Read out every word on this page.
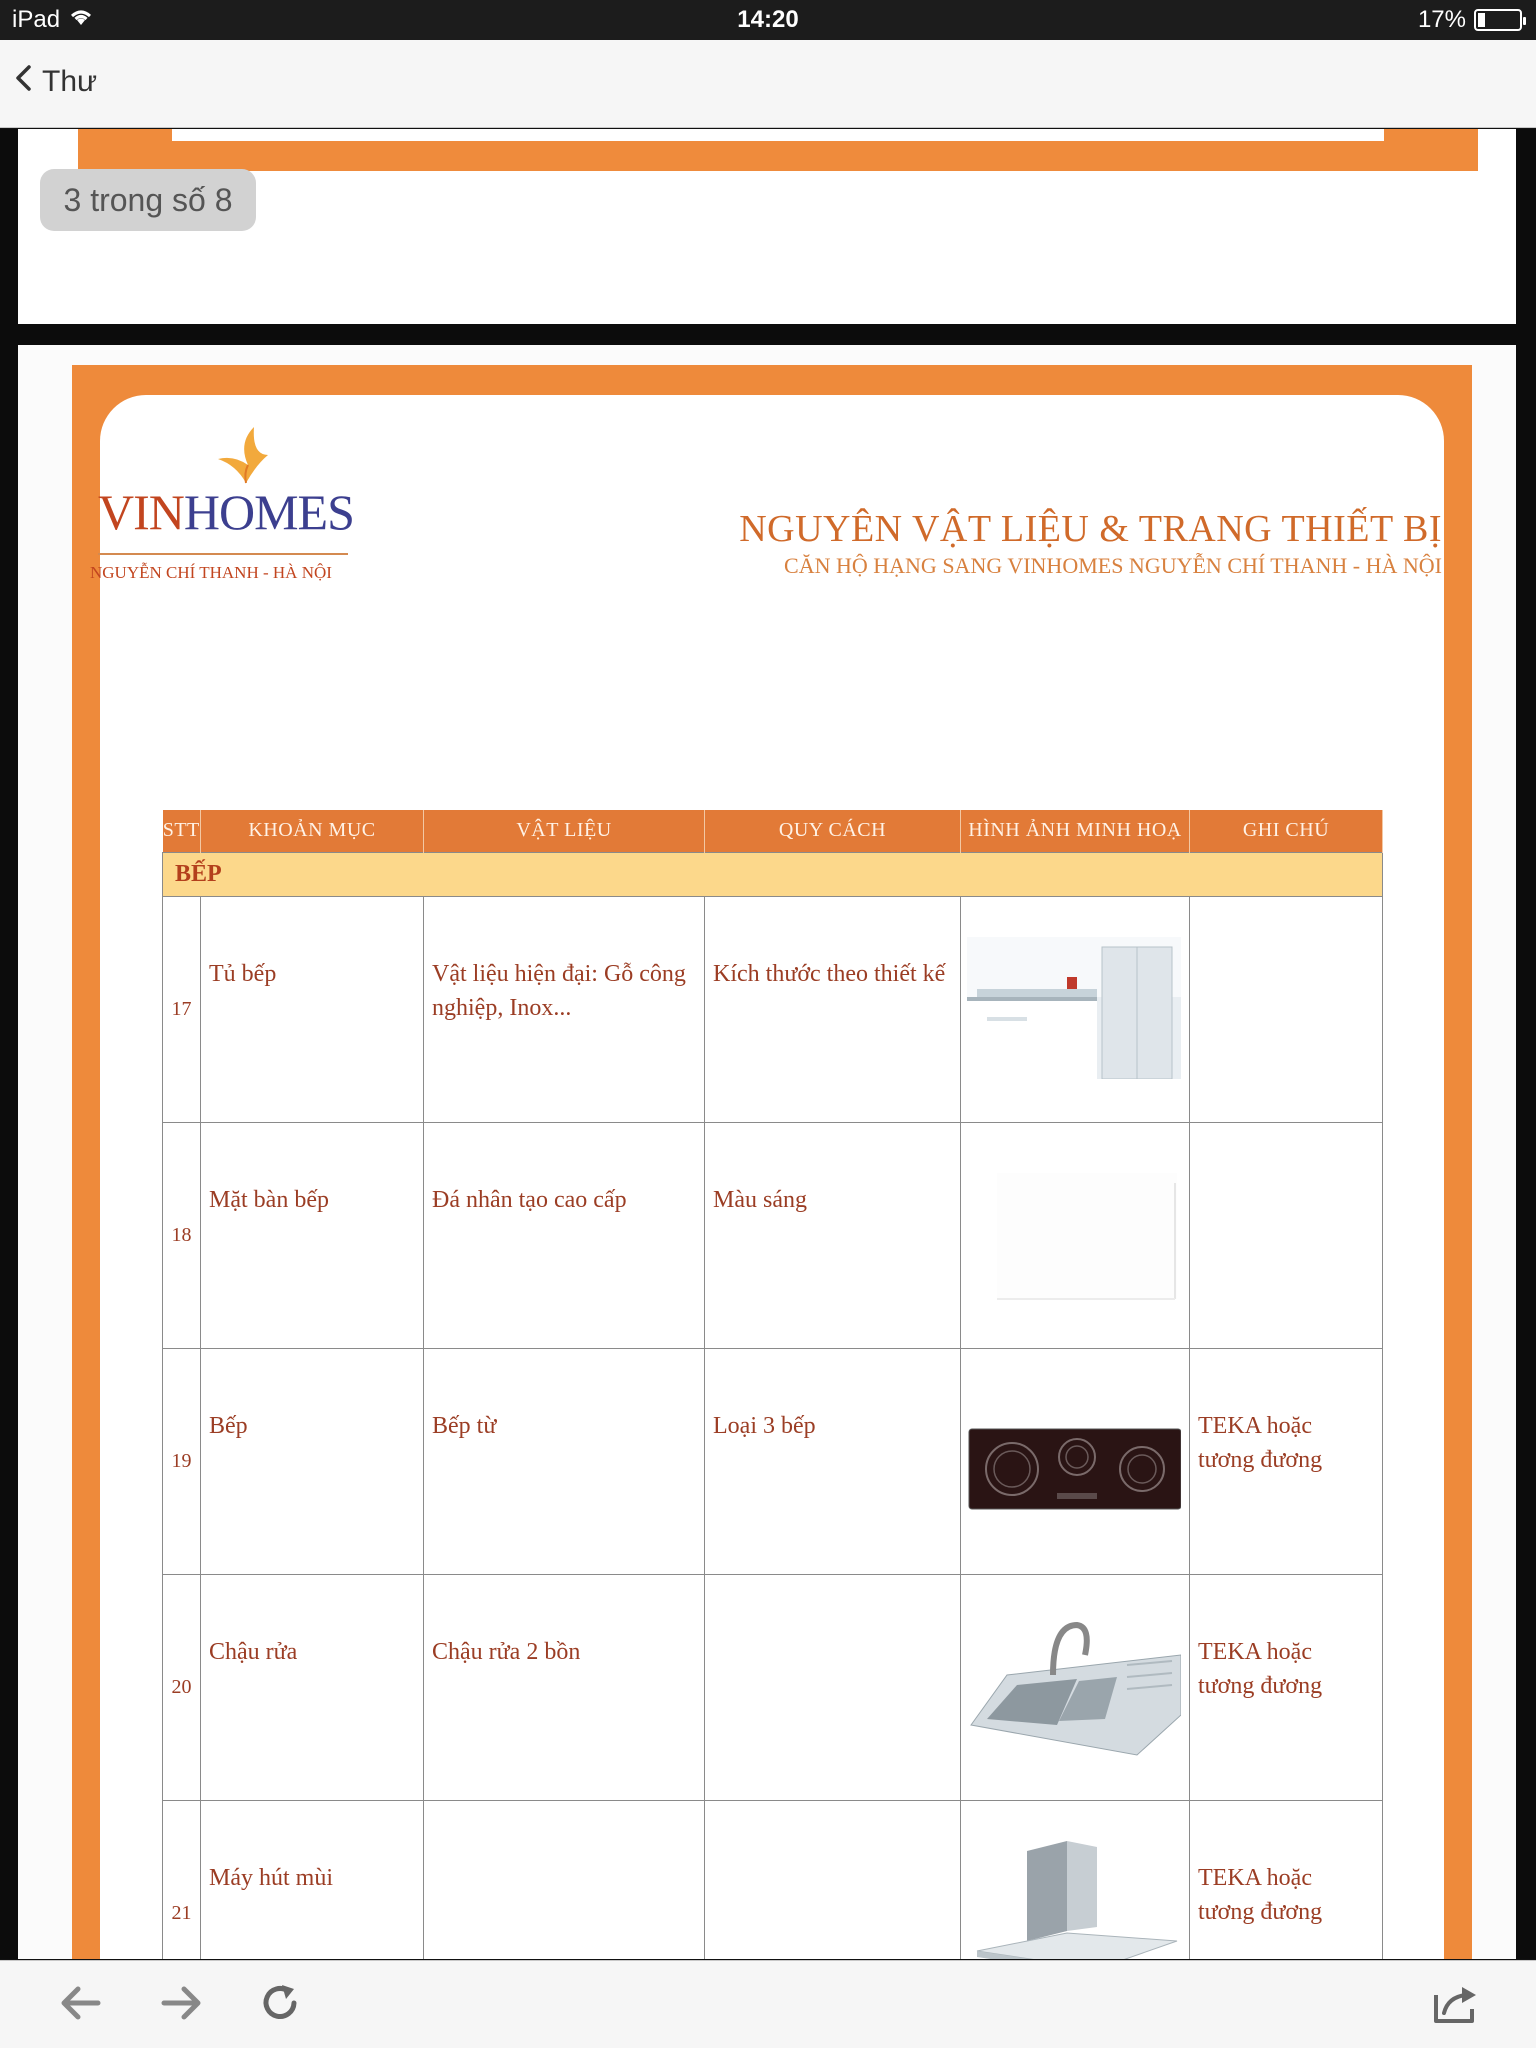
iPad	14:20	17%
Thư
3 trong số 8
VINHOMES
NGUYỄN CHÍ THANH - HÀ NỘI
NGUYÊN VẬT LIỆU & TRANG THIẾT BỊ
CĂN HỘ HẠNG SANG VINHOMES NGUYỄN CHÍ THANH - HÀ NỘI
STT	KHOẢN MỤC	VẬT LIỆU	QUY CÁCH	HÌNH ẢNH MINH HOẠ	GHI CHÚ
BẾP					
17	Tủ bếp	Vật liệu hiện đại: Gỗ công nghiệp, Inox...	Kích thước theo thiết kế		
18	Mặt bàn bếp	Đá nhân tạo cao cấp	Màu sáng		
19	Bếp	Bếp từ	Loại 3 bếp		TEKA hoặc tương đương
20	Chậu rửa	Chậu rửa 2 bồn			TEKA hoặc tương đương
21	Máy hút mùi				TEKA hoặc tương đương
